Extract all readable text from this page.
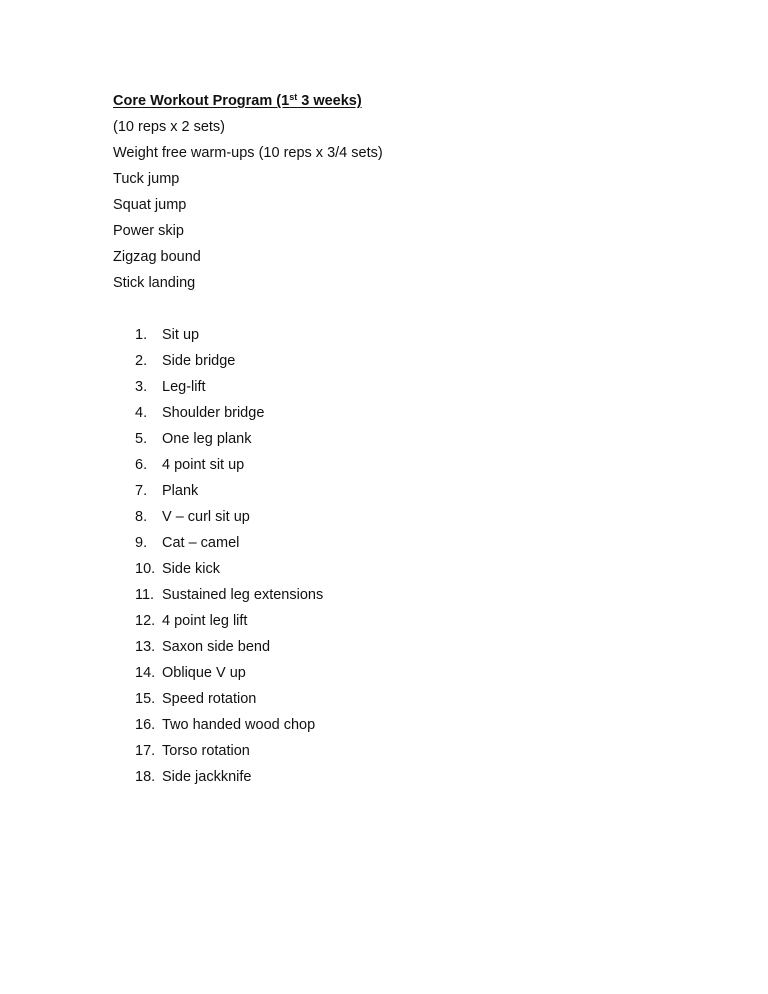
Core Workout Program (1st 3 weeks)
(10 reps x 2 sets)
Weight free warm-ups (10 reps x 3/4 sets)
Tuck jump
Squat jump
Power skip
Zigzag bound
Stick landing
1.	Sit up
2.	Side bridge
3.	Leg-lift
4.	Shoulder bridge
5.	One leg plank
6.	4 point sit up
7.	Plank
8.	V – curl sit up
9.	Cat – camel
10. Side kick
11. Sustained leg extensions
12. 4 point leg lift
13. Saxon side bend
14. Oblique V up
15. Speed rotation
16. Two handed wood chop
17. Torso rotation
18. Side jackknife
